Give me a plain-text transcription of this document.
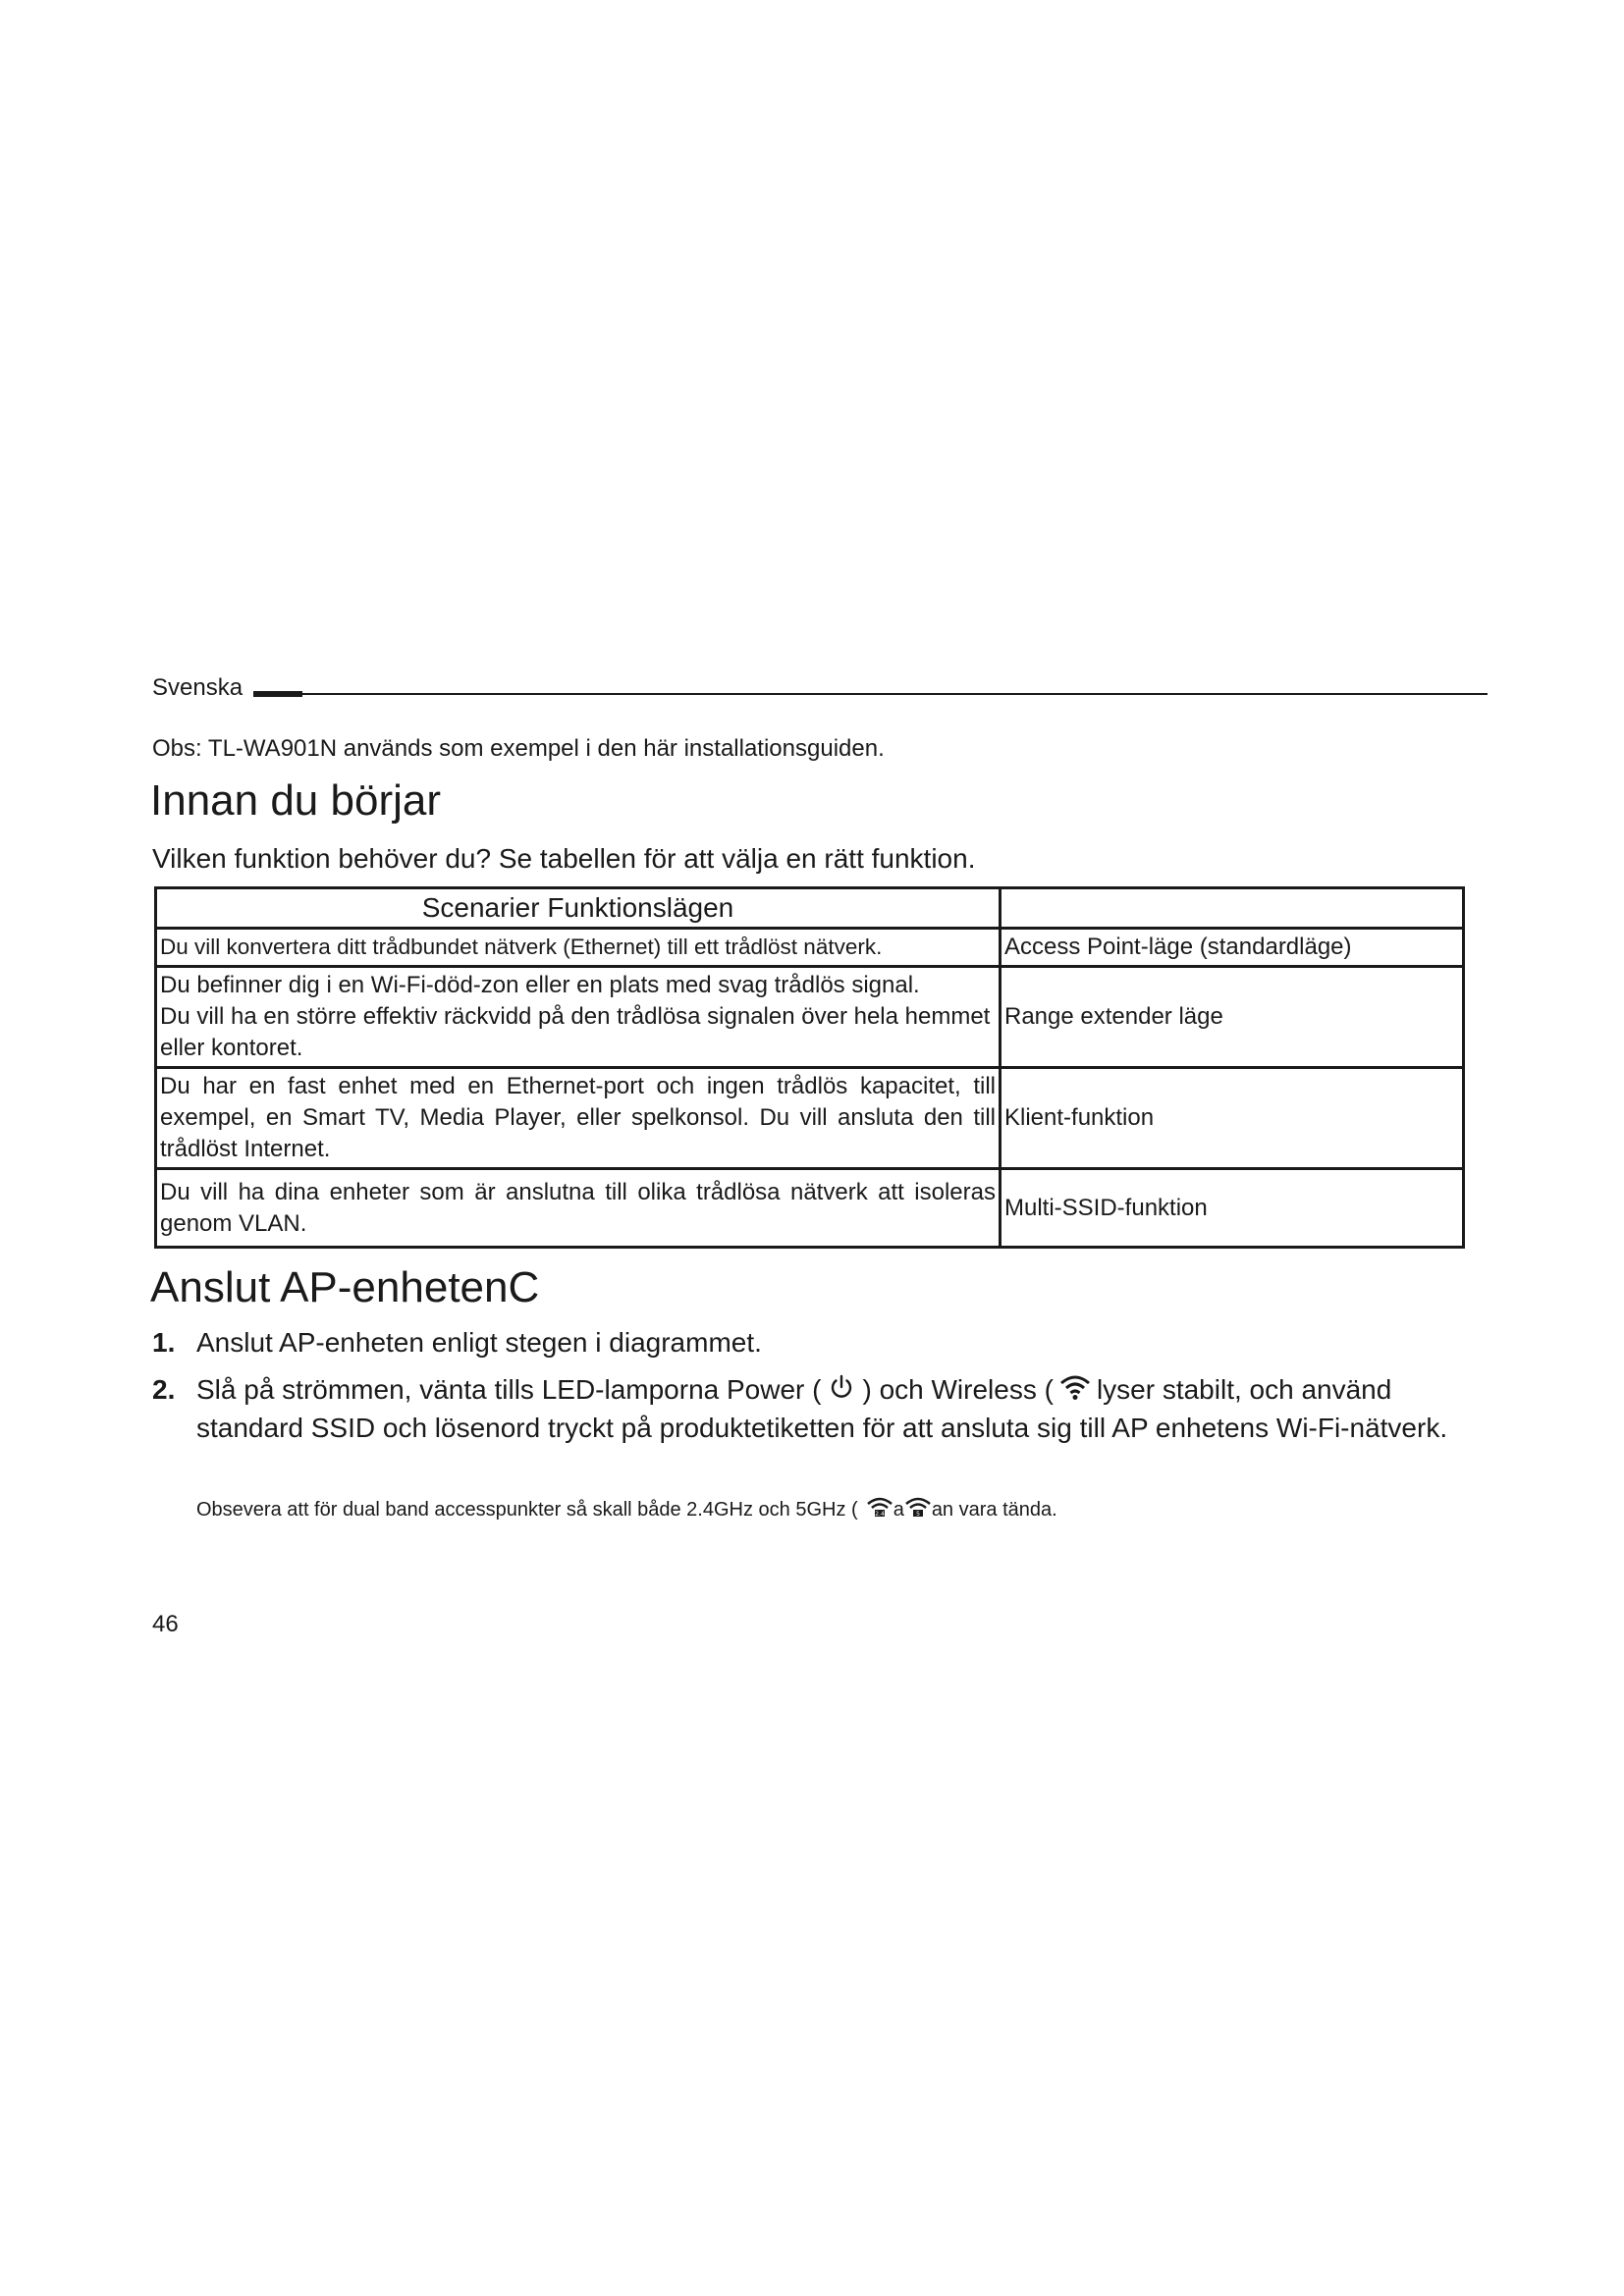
Svenska
Obs: TL-WA901N används som exempel i den här installationsguiden.
Innan du börjar
Vilken funktion behöver du? Se tabellen för att välja en rätt funktion.
Scenarier Funktionslägen	
Du vill konvertera ditt trådbundet nätverk (Ethernet) till ett trådlöst nätverk.	Access Point-läge (standardläge)

Du befinner dig i en Wi-Fi-död-zon eller en plats med svag trådlös signal.
Du vill ha en större effektiv räckvidd på den trådlösa signalen över hela hemmet eller kontoret.	Range extender läge
Du har en fast enhet med en Ethernet-port och ingen trådlös kapacitet, till exempel, en Smart TV, Media Player, eller spelkonsol. Du vill ansluta den till trådlöst Internet.	Klient-funktion
Du vill ha dina enheter som är anslutna till olika trådlösa nätverk att isoleras genom VLAN.	Multi-SSID-funktion
Anslut AP-enhetenC
1. Anslut AP-enheten enligt stegen i diagrammet.
2. Slå på strömmen, vänta tills LED-lamporna Power ( ) och Wireless ( lyser stabilt, och använd standard SSID och lösenord tryckt på produktetiketten för att ansluta sig till AP enhetens Wi-Fi-nätverk.
Obsevera att för dual band accesspunkter så skall både 2.4GHz och 5GHz (	2.4 a 5 an vara tända.
46
